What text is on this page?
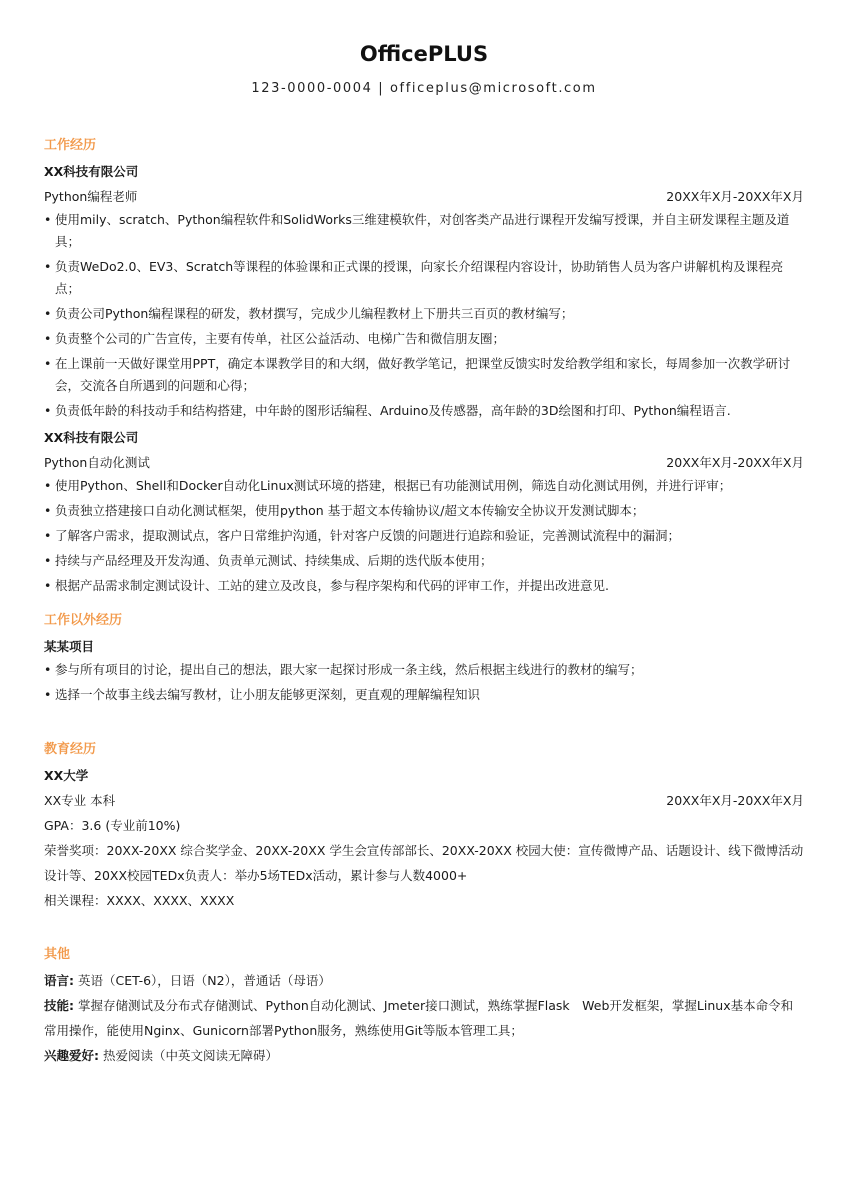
OfficePLUS
123-0000-0004 | officeplus@microsoft.com
工作经历
XX科技有限公司
Python编程老师	20XX年X月-20XX年X月
• 使用mily、scratch、Python编程软件和SolidWorks三维建模软件，对创客类产品进行课程开发编写授课，并自主研发课程主题及道具；
• 负责WeDo2.0、EV3、Scratch等课程的体验课和正式课的授课，向家长介绍课程内容设计，协助销售人员为客户讲解机构及课程亮点；
• 负责公司Python编程课程的研发，教材撰写，完成少儿编程教材上下册共三百页的教材编写；
• 负责整个公司的广告宣传，主要有传单，社区公益活动、电梯广告和微信朋友圈；
• 在上课前一天做好课堂用PPT，确定本课教学目的和大纲，做好教学笔记，把课堂反馈实时发给教学组和家长，每周参加一次教学研讨会，交流各自所遇到的问题和心得；
• 负责低年龄的科技动手和结构搭建，中年龄的图形话编程、Arduino及传感器，高年龄的3D绘图和打印、Python编程语言.
XX科技有限公司
Python自动化测试	20XX年X月-20XX年X月
• 使用Python、Shell和Docker自动化Linux测试环境的搭建，根据已有功能测试用例，筛选自动化测试用例，并进行评审；
• 负责独立搭建接口自动化测试框架，使用python 基于超文本传输协议/超文本传输安全协议开发测试脚本；
• 了解客户需求，提取测试点，客户日常维护沟通，针对客户反馈的问题进行追踪和验证，完善测试流程中的漏洞；
• 持续与产品经理及开发沟通、负责单元测试、持续集成、后期的迭代版本使用；
• 根据产品需求制定测试设计、工站的建立及改良，参与程序架构和代码的评审工作，并提出改进意见.
工作以外经历
某某项目
• 参与所有项目的讨论，提出自己的想法，跟大家一起探讨形成一条主线，然后根据主线进行的教材的编写；
• 选择一个故事主线去编写教材，让小朋友能够更深刻，更直观的理解编程知识
教育经历
XX大学
XX专业 本科	20XX年X月-20XX年X月
GPA：3.6 (专业前10%)
荣誉奖项：20XX-20XX 综合奖学金、20XX-20XX 学生会宣传部部长、20XX-20XX 校园大使：宣传微博产品、话题设计、线下微博活动设计等、20XX校园TEDx负责人：举办5场TEDx活动，累计参与人数4000+
相关课程：XXXX、XXXX、XXXX
其他
语言: 英语（CET-6），日语（N2），普通话（母语）
技能: 掌握存储测试及分布式存储测试、Python自动化测试、Jmeter接口测试，熟练掌握Flask　Web开发框架，掌握Linux基本命令和常用操作，能使用Nginx、Gunicorn部署Python服务，熟练使用Git等版本管理工具；
兴趣爱好: 热爱阅读（中英文阅读无障碍）
